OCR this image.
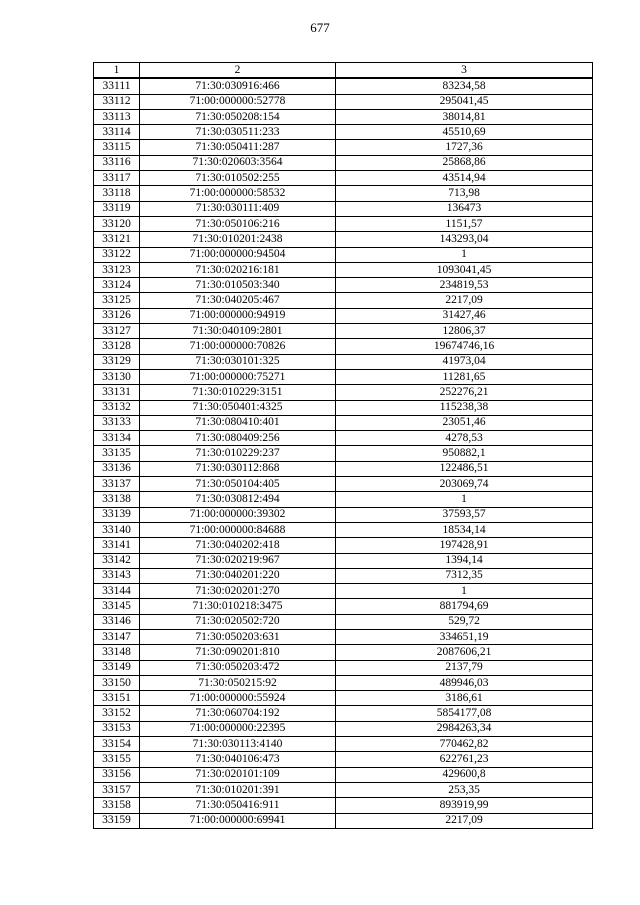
677
1	2	3
33111	71:30:030916:466	83234,58
33112	71:00:000000:52778	295041,45
33113	71:30:050208:154	38014,81
33114	71:30:030511:233	45510,69
33115	71:30:050411:287	1727,36
33116	71:30:020603:3564	25868,86
33117	71:30:010502:255	43514,94
33118	71:00:000000:58532	713,98
33119	71:30:030111:409	136473
33120	71:30:050106:216	1151,57
33121	71:30:010201:2438	143293,04
33122	71:00:000000:94504	1
33123	71:30:020216:181	1093041,45
33124	71:30:010503:340	234819,53
33125	71:30:040205:467	2217,09
33126	71:00:000000:94919	31427,46
33127	71:30:040109:2801	12806,37
33128	71:00:000000:70826	19674746,16
33129	71:30:030101:325	41973,04
33130	71:00:000000:75271	11281,65
33131	71:30:010229:3151	252276,21
33132	71:30:050401:4325	115238,38
33133	71:30:080410:401	23051,46
33134	71:30:080409:256	4278,53
33135	71:30:010229:237	950882,1
33136	71:30:030112:868	122486,51
33137	71:30:050104:405	203069,74
33138	71:30:030812:494	1
33139	71:00:000000:39302	37593,57
33140	71:00:000000:84688	18534,14
33141	71:30:040202:418	197428,91
33142	71:30:020219:967	1394,14
33143	71:30:040201:220	7312,35
33144	71:30:020201:270	1
33145	71:30:010218:3475	881794,69
33146	71:30:020502:720	529,72
33147	71:30:050203:631	334651,19
33148	71:30:090201:810	2087606,21
33149	71:30:050203:472	2137,79
33150	71:30:050215:92	489946,03
33151	71:00:000000:55924	3186,61
33152	71:30:060704:192	5854177,08
33153	71:00:000000:22395	2984263,34
33154	71:30:030113:4140	770462,82
33155	71:30:040106:473	622761,23
33156	71:30:020101:109	429600,8
33157	71:30:010201:391	253,35
33158	71:30:050416:911	893919,99
33159	71:00:000000:69941	2217,09
